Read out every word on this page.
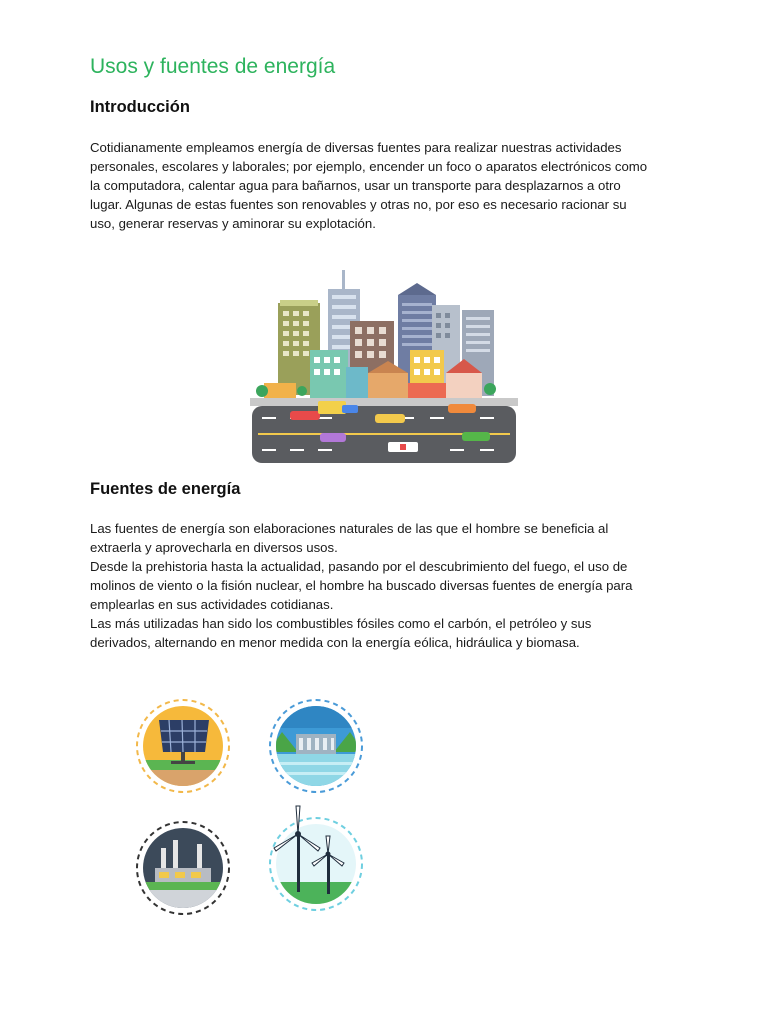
Usos y fuentes de energía
Introducción

Cotidianamente empleamos energía de diversas fuentes para realizar nuestras actividades
personales, escolares y laborales; por ejemplo, encender un foco o aparatos electrónicos como
la computadora, calentar agua para bañarnos, usar un transporte para desplazarnos a otro
lugar. Algunas de estas fuentes son renovables y otras no, por eso es necesario racionar su
uso, generar reservas y aminorar su explotación.

Fuentes de energía

Las fuentes de energía son elaboraciones naturales de las que el hombre se beneficia al
extraerla y aprovecharla en diversos usos.
Desde la prehistoria hasta la actualidad, pasando por el descubrimiento del fuego, el uso de
molinos de viento o la fisión nuclear, el hombre ha buscado diversas fuentes de energía para
emplearlas en sus actividades cotidianas.
Las más utilizadas han sido los combustibles fósiles como el carbón, el petróleo y sus
derivados, alternando en menor medida con la energía eólica, hidráulica y biomasa.
